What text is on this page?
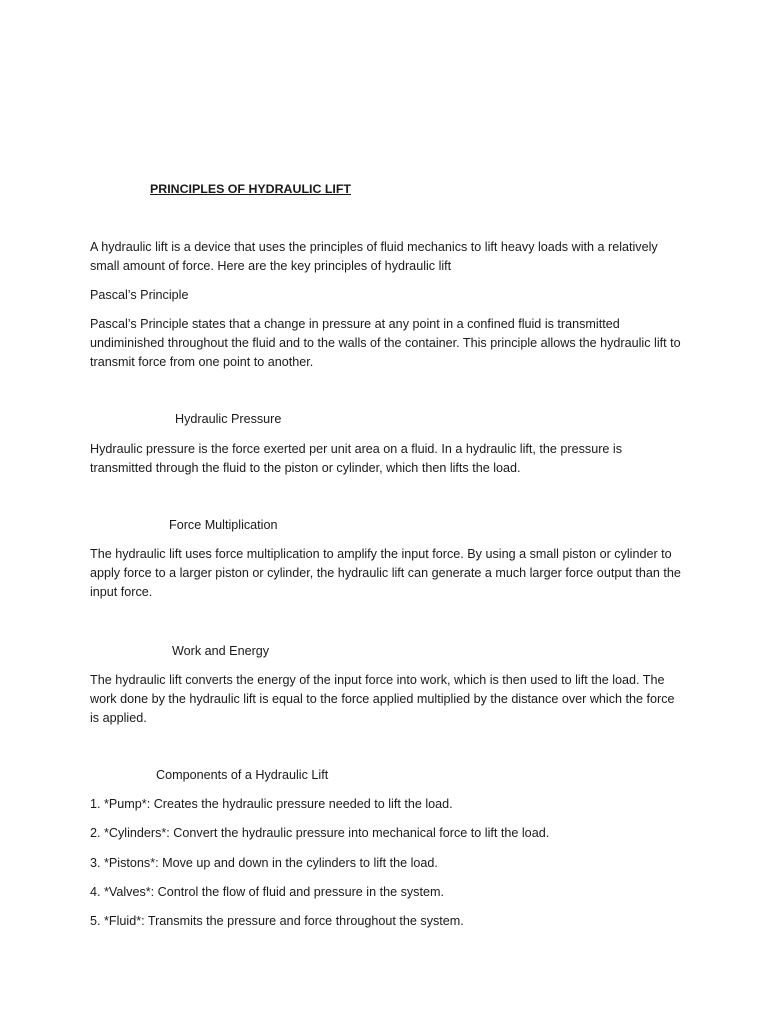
PRINCIPLES OF HYDRAULIC LIFT

A hydraulic lift is a device that uses the principles of fluid mechanics to lift heavy loads with a relatively small amount of force. Here are the key principles of hydraulic lift

Pascal’s Principle

Pascal’s Principle states that a change in pressure at any point in a confined fluid is transmitted undiminished throughout the fluid and to the walls of the container. This principle allows the hydraulic lift to transmit force from one point to another.

Hydraulic Pressure

Hydraulic pressure is the force exerted per unit area on a fluid. In a hydraulic lift, the pressure is transmitted through the fluid to the piston or cylinder, which then lifts the load.

Force Multiplication

The hydraulic lift uses force multiplication to amplify the input force. By using a small piston or cylinder to apply force to a larger piston or cylinder, the hydraulic lift can generate a much larger force output than the input force.

Work and Energy

The hydraulic lift converts the energy of the input force into work, which is then used to lift the load. The work done by the hydraulic lift is equal to the force applied multiplied by the distance over which the force is applied.

Components of a Hydraulic Lift
1. *Pump*: Creates the hydraulic pressure needed to lift the load.
2. *Cylinders*: Convert the hydraulic pressure into mechanical force to lift the load.
3. *Pistons*: Move up and down in the cylinders to lift the load.
4. *Valves*: Control the flow of fluid and pressure in the system.
5. *Fluid*: Transmits the pressure and force throughout the system.
